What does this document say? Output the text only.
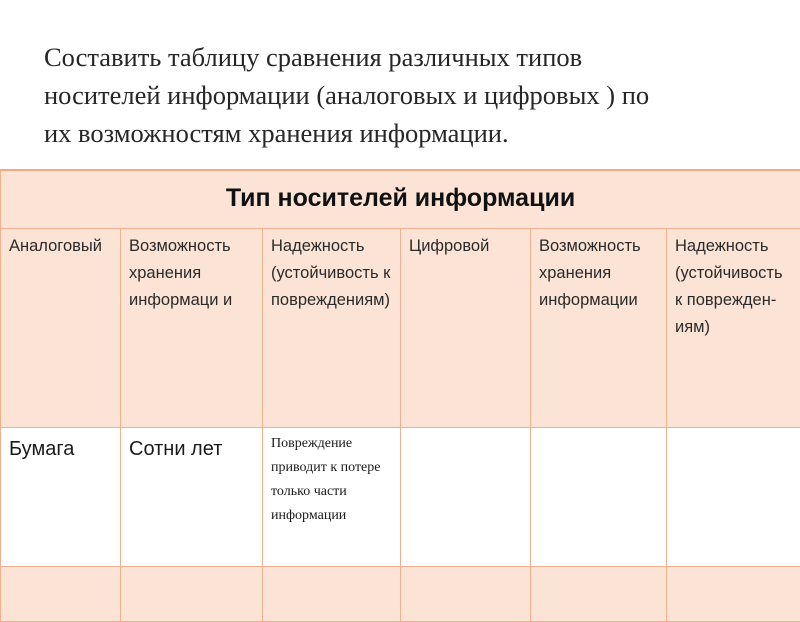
Составить таблицу сравнения различных типов
носителей информации (аналоговых и цифровых ) по
их возможностям хранения информации.
Тип носителей информации					
Аналоговый	Возможность хранения информаци и	Надежность (устойчивость к повреждениям)	Цифровой	Возможность хранения информации	Надежность (устойчивость к повреждениям)
Бумага	Сотни лет	Повреждение приводит к потере только части информации			
